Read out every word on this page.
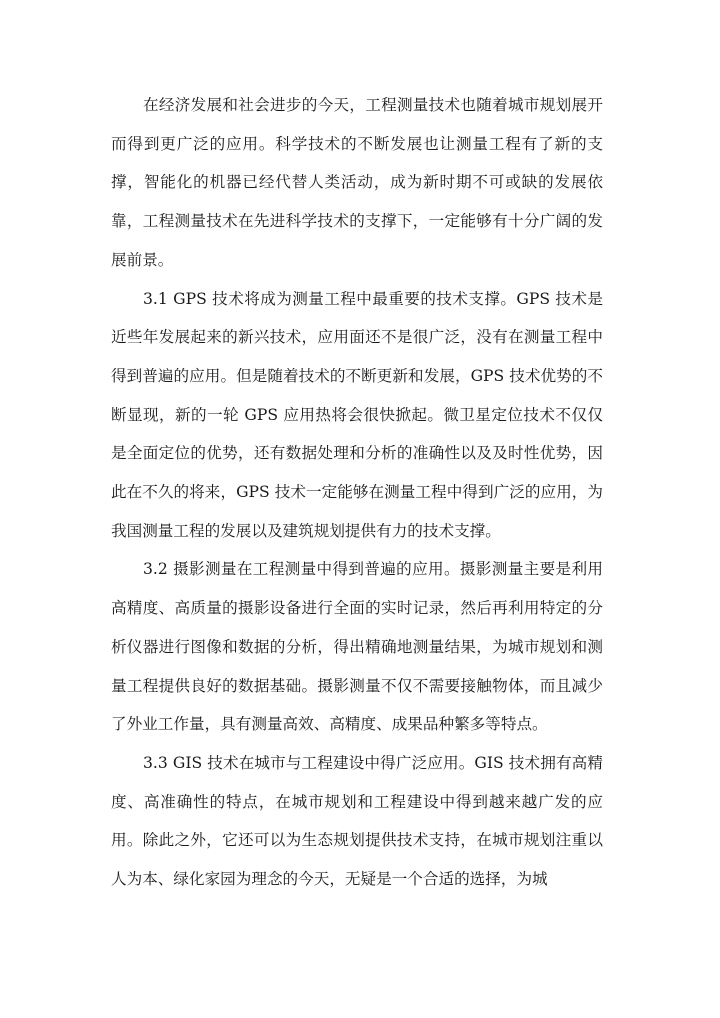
在经济发展和社会进步的今天，工程测量技术也随着城市规划展开而得到更广泛的应用。科学技术的不断发展也让测量工程有了新的支撑，智能化的机器已经代替人类活动，成为新时期不可或缺的发展依靠，工程测量技术在先进科学技术的支撑下，一定能够有十分广阔的发展前景。

3.1 GPS 技术将成为测量工程中最重要的技术支撑。GPS 技术是近些年发展起来的新兴技术，应用面还不是很广泛，没有在测量工程中得到普遍的应用。但是随着技术的不断更新和发展，GPS 技术优势的不断显现，新的一轮 GPS 应用热将会很快掀起。微卫星定位技术不仅仅是全面定位的优势，还有数据处理和分析的准确性以及及时性优势，因此在不久的将来，GPS 技术一定能够在测量工程中得到广泛的应用，为我国测量工程的发展以及建筑规划提供有力的技术支撑。

3.2 摄影测量在工程测量中得到普遍的应用。摄影测量主要是利用高精度、高质量的摄影设备进行全面的实时记录，然后再利用特定的分析仪器进行图像和数据的分析，得出精确地测量结果，为城市规划和测量工程提供良好的数据基础。摄影测量不仅不需要接触物体，而且减少了外业工作量，具有测量高效、高精度、成果品种繁多等特点。

3.3 GIS 技术在城市与工程建设中得广泛应用。GIS 技术拥有高精度、高准确性的特点，在城市规划和工程建设中得到越来越广发的应用。除此之外，它还可以为生态规划提供技术支持，在城市规划注重以人为本、绿化家园为理念的今天，无疑是一个合适的选择，为城
